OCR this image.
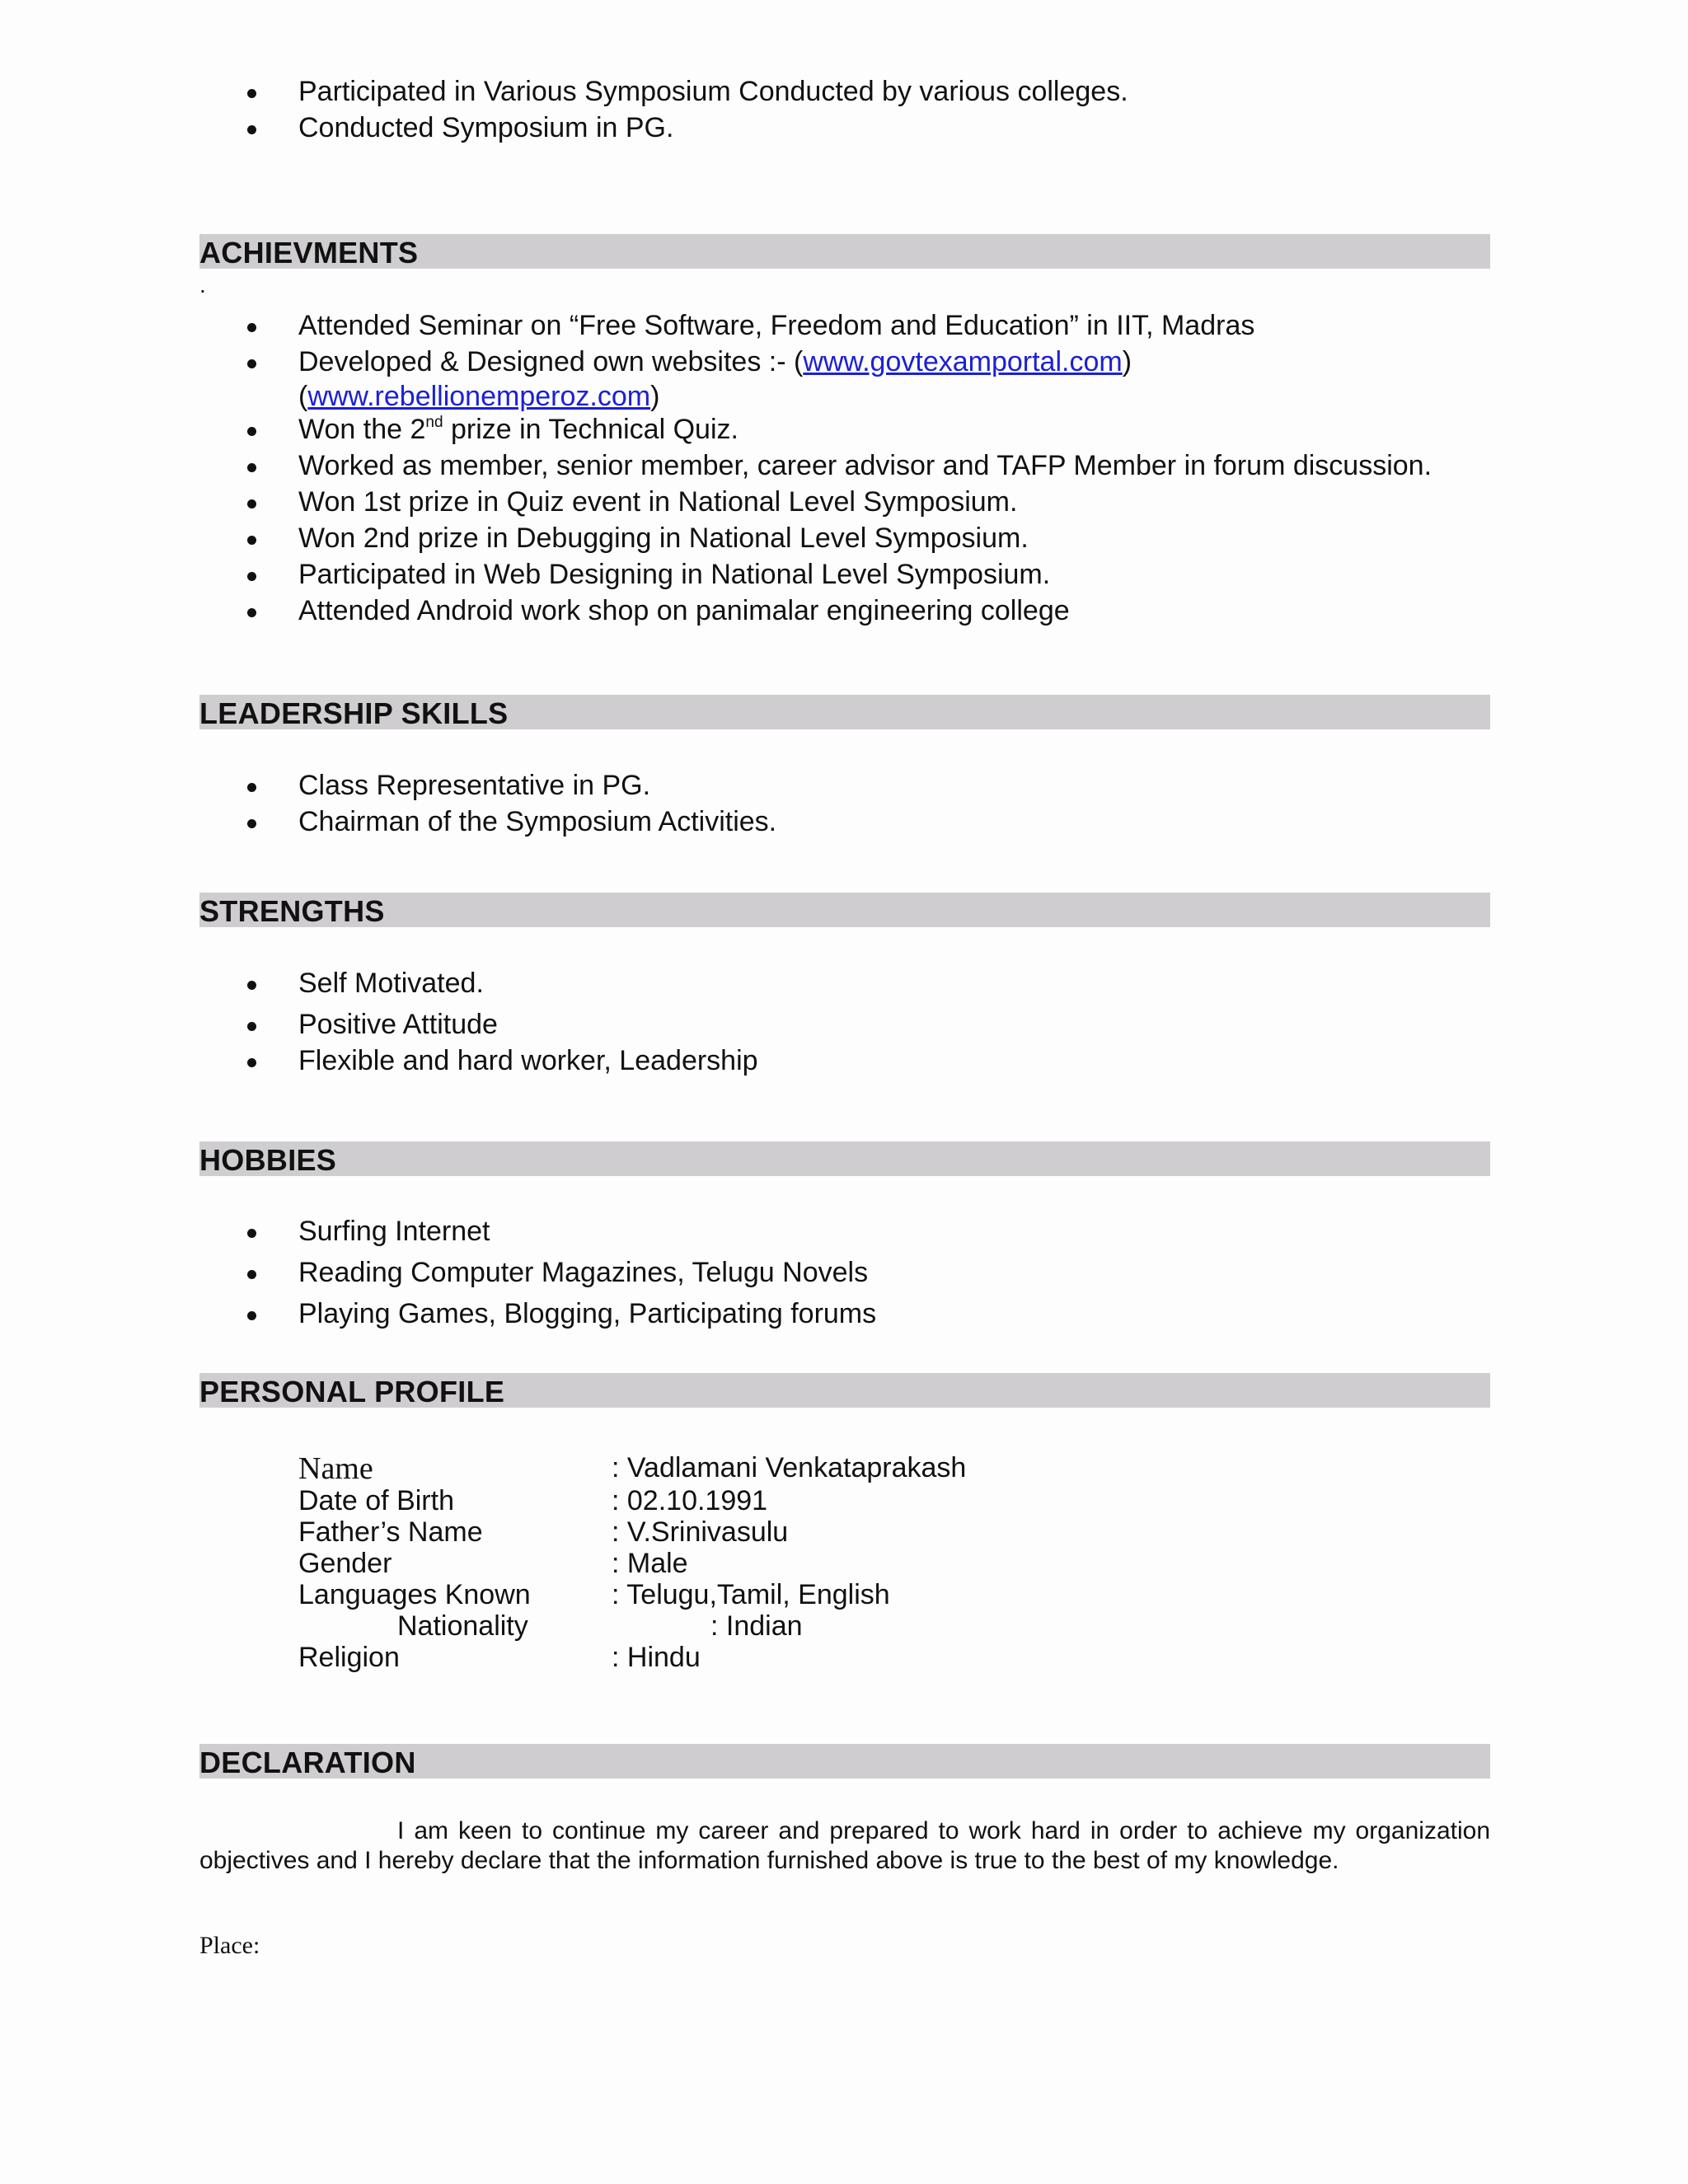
Participated in Various Symposium Conducted by various colleges.
Conducted Symposium in PG.
ACHIEVMENTS
.
Attended Seminar on “Free Software, Freedom and Education” in IIT, Madras
Developed & Designed own websites :- (www.govtexamportal.com)
(www.rebellionemperoz.com)
Won the 2nd prize in Technical Quiz.
Worked as member, senior member, career advisor and TAFP Member in forum discussion.
Won 1st prize in Quiz event in National Level Symposium.
Won 2nd prize in Debugging in National Level Symposium.
Participated in Web Designing in National Level Symposium.
Attended Android work shop on panimalar engineering college
LEADERSHIP SKILLS
Class Representative in PG.
Chairman of the Symposium Activities.
STRENGTHS
Self Motivated.
Positive Attitude
Flexible and hard worker, Leadership
HOBBIES
Surfing Internet
Reading Computer Magazines, Telugu Novels
Playing Games, Blogging, Participating forums
PERSONAL PROFILE
Name	: Vadlamani Venkataprakash
Date of Birth	: 02.10.1991
Father’s Name	: V.Srinivasulu
Gender	: Male
Languages Known	: Telugu,Tamil, English
Nationality	: Indian
Religion	: Hindu
DECLARATION
I am keen to continue my career and prepared to work hard in order to achieve my organization
objectives and I hereby declare that the information furnished above is true to the best of my knowledge.
Place:
